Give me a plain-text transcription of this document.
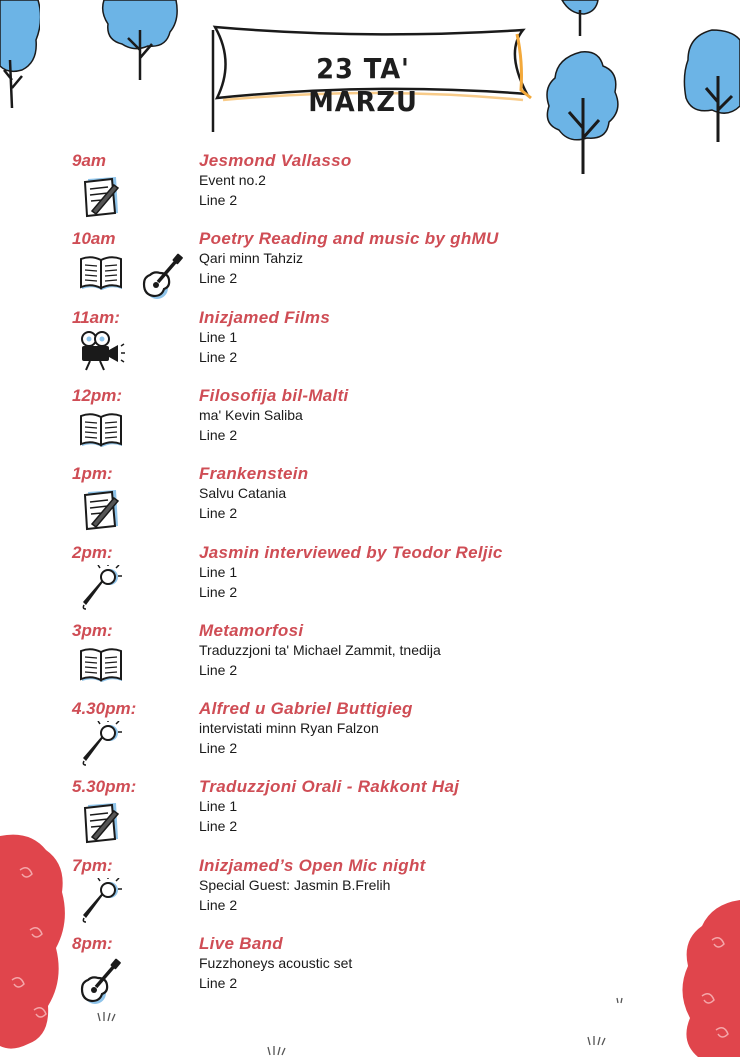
23 TA' MARZU
9am	Jesmond Vallasso
Event no.2
Line 2
10am	Poetry Reading and music by ghMU
Qari minn Tahziz
Line 2
11am:	Inizjamed Films
Line 1
Line 2
12pm:	Filosofija bil-Malti
ma' Kevin Saliba
Line 2
1pm:	Frankenstein
Salvu Catania
Line 2
2pm:	Jasmin interviewed by Teodor Reljic
Line 1
Line 2
3pm:	Metamorfosi
Traduzzjoni ta' Michael Zammit, tnedija
Line 2
4.30pm:	Alfred u Gabriel Buttigieg
intervistati minn Ryan Falzon
Line 2
5.30pm:	Traduzzjoni Orali - Rakkont Haj
Line 1
Line 2
7pm:	Inizjamed’s Open Mic night
Special Guest: Jasmin B.Frelih
Line 2
8pm:	Live Band
Fuzzhoneys acoustic set
Line 2
